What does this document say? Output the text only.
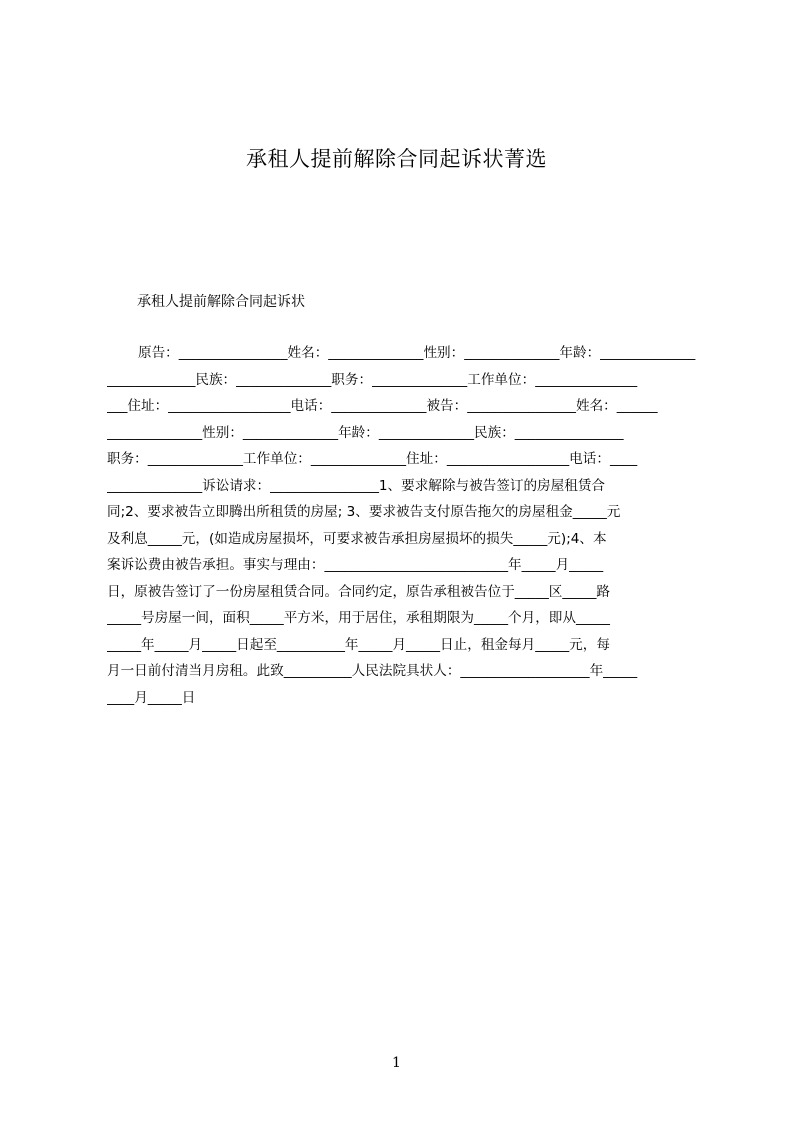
承租人提前解除合同起诉状菁选
承租人提前解除合同起诉状
原告：________________姓名：______________性别：______________年龄：______________
_____________民族：______________职务：______________工作单位：_______________
___住址：__________________电话：______________被告：________________姓名：______
______________性别：______________年龄：______________民族：________________
职务：______________工作单位：______________住址：__________________电话：____
______________诉讼请求：________________1、要求解除与被告签订的房屋租赁合
同;2、要求被告立即腾出所租赁的房屋; 3、要求被告支付原告拖欠的房屋租金_____元
及利息_____元，(如造成房屋损坏，可要求被告承担房屋损坏的损失_____元);4、本
案诉讼费由被告承担。事实与理由：___________________________年_____月_____
日，原被告签订了一份房屋租赁合同。合同约定，原告承租被告位于_____区_____路
_____号房屋一间，面积_____平方米，用于居住，承租期限为_____个月，即从_____
_____年_____月_____日起至__________年_____月_____日止，租金每月_____元，每
月一日前付清当月房租。此致__________人民法院具状人：___________________年_____
____月_____日
1
